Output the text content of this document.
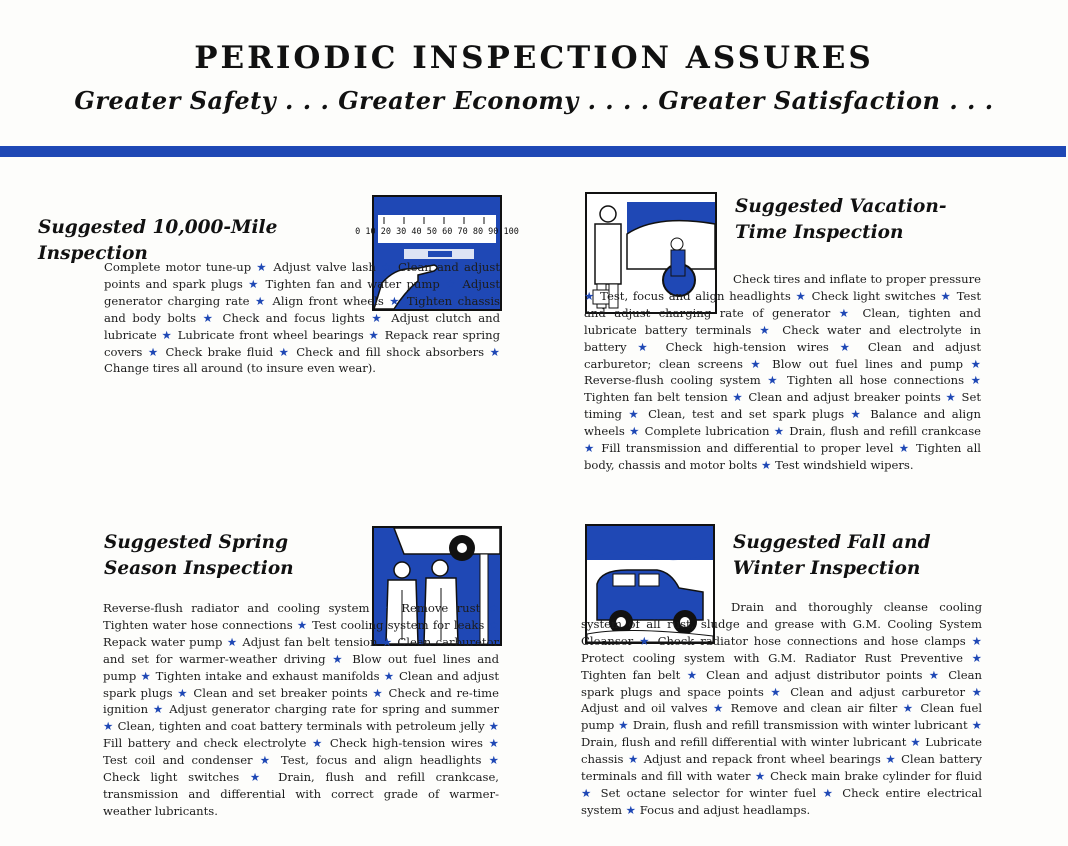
PERIODIC INSPECTION ASSURES
Greater Safety . . . Greater Economy . . . . Greater Satisfaction . . .
Suggested 10,000-Mile Inspection
0 10 20 30 40 50 60 70 80 90 100
Complete motor tune-up ★ Adjust valve lash ★ Clean and adjust points and spark plugs ★ Tighten fan and water pump ★ Adjust generator charging rate ★ Align front wheels ★ Tighten chassis and body bolts ★ Check and focus lights ★ Adjust clutch and lubricate ★ Lubricate front wheel bearings ★ Repack rear spring covers ★ Check brake fluid ★ Check and fill shock absorbers ★ Change tires all around (to insure even wear).
Suggested Vacation-Time Inspection
Check tires and inflate to proper pressure ★ Test, focus and align headlights ★ Check light switches ★ Test and adjust charging rate of generator ★ Clean, tighten and lubricate battery terminals ★ Check water and electrolyte in battery ★ Check high-tension wires ★ Clean and adjust carburetor; clean screens ★ Blow out fuel lines and pump ★ Reverse-flush cooling system ★ Tighten all hose connections ★ Tighten fan belt tension ★ Clean and adjust breaker points ★ Set timing ★ Clean, test and set spark plugs ★ Balance and align wheels ★ Complete lubrication ★ Drain, flush and refill crankcase ★ Fill transmission and differential to proper level ★ Tighten all body, chassis and motor bolts ★ Test windshield wipers.
Suggested Spring Season Inspection
Reverse-flush radiator and cooling system ★ Remove rust ★ Tighten water hose connections ★ Test cooling system for leaks ★ Repack water pump ★ Adjust fan belt tension ★ Clean carburetor and set for warmer-weather driving ★ Blow out fuel lines and pump ★ Tighten intake and exhaust manifolds ★ Clean and adjust spark plugs ★ Clean and set breaker points ★ Check and re-time ignition ★ Adjust generator charging rate for spring and summer ★ Clean, tighten and coat battery terminals with petroleum jelly ★ Fill battery and check electrolyte ★ Check high-tension wires ★ Test coil and condenser ★ Test, focus and align headlights ★ Check light switches ★ Drain, flush and refill crankcase, transmission and differential with correct grade of warmer-weather lubricants.
Suggested Fall and Winter Inspection
Drain and thoroughly cleanse cooling system of all rust, sludge and grease with G.M. Cooling System Cleanser ★ Check radiator hose connections and hose clamps ★ Protect cooling system with G.M. Radiator Rust Preventive ★ Tighten fan belt ★ Clean and adjust distributor points ★ Clean spark plugs and space points ★ Clean and adjust carburetor ★ Adjust and oil valves ★ Remove and clean air filter ★ Clean fuel pump ★ Drain, flush and refill transmission with winter lubricant ★ Drain, flush and refill differential with winter lubricant ★ Lubricate chassis ★ Adjust and repack front wheel bearings ★ Clean battery terminals and fill with water ★ Check main brake cylinder for fluid ★ Set octane selector for winter fuel ★ Check entire electrical system ★ Focus and adjust headlamps.
